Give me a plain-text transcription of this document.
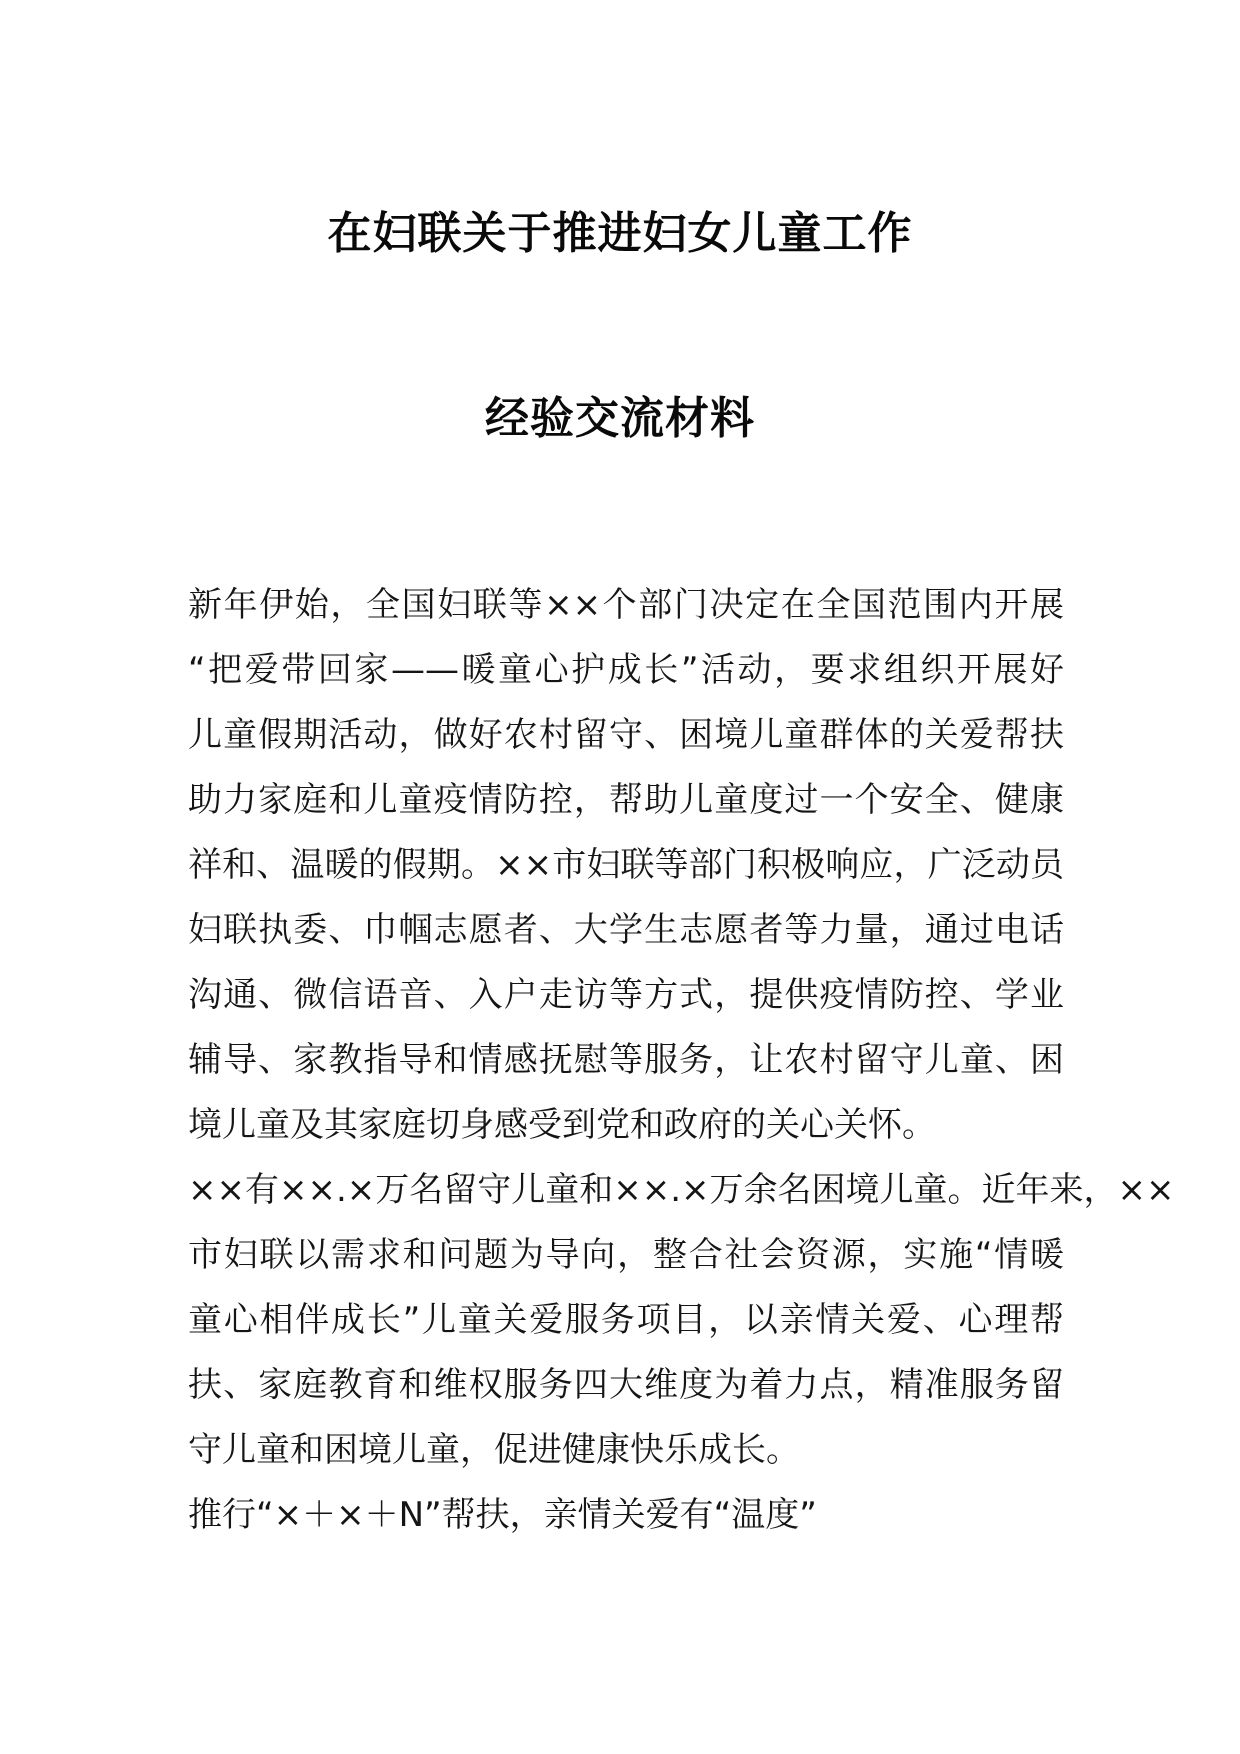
在妇联关于推进妇女儿童工作
经验交流材料
新年伊始，全国妇联等××个部门决定在全国范围内开展
“把爱带回家——暖童心护成长”活动，要求组织开展好
儿童假期活动，做好农村留守、困境儿童群体的关爱帮扶
助力家庭和儿童疫情防控，帮助儿童度过一个安全、健康
祥和、温暖的假期。××市妇联等部门积极响应，广泛动员
妇联执委、巾帼志愿者、大学生志愿者等力量，通过电话
沟通、微信语音、入户走访等方式，提供疫情防控、学业
辅导、家教指导和情感抚慰等服务，让农村留守儿童、困
境儿童及其家庭切身感受到党和政府的关心关怀。
××有××.×万名留守儿童和××.×万余名困境儿童。近年来，××
市妇联以需求和问题为导向，整合社会资源，实施“情暖
童心相伴成长”儿童关爱服务项目，以亲情关爱、心理帮
扶、家庭教育和维权服务四大维度为着力点，精准服务留
守儿童和困境儿童，促进健康快乐成长。
推行“×＋×＋N”帮扶，亲情关爱有“温度”
